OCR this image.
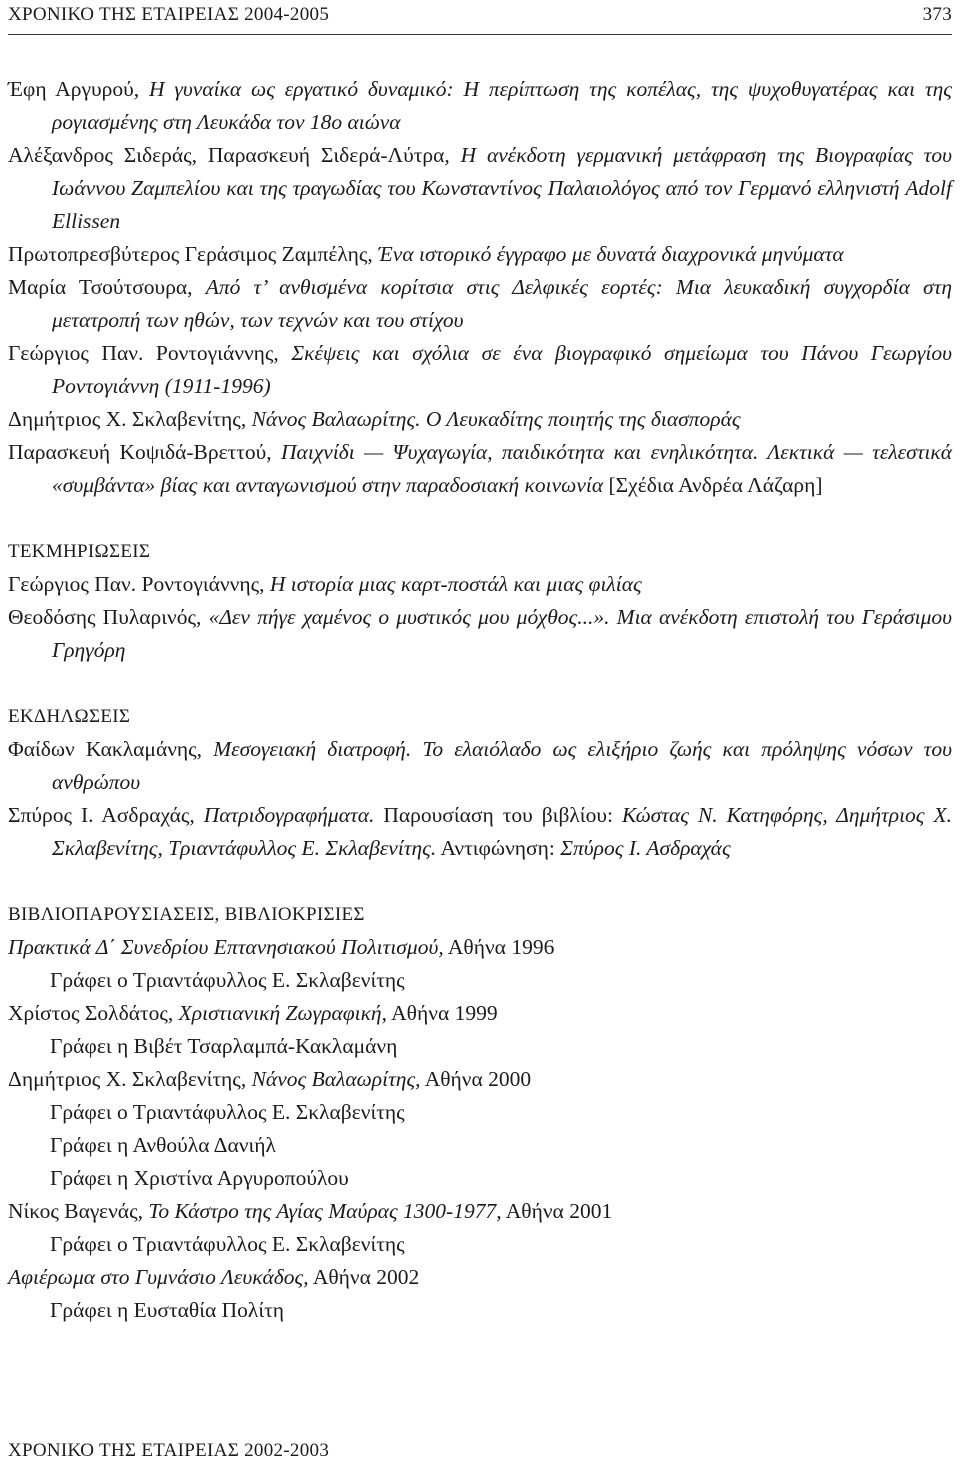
ΧΡΟΝΙΚΟ ΤΗΣ ΕΤΑΙΡΕΙΑΣ 2004-2005	373
Έφη Αργυρού, Η γυναίκα ως εργατικό δυναμικό: Η περίπτωση της κοπέλας, της ψυχοθυγατέρας και της ρογιασμένης στη Λευκάδα τον 18ο αιώνα
Αλέξανδρος Σιδεράς, Παρασκευή Σιδερά-Λύτρα, Η ανέκδοτη γερμανική μετάφραση της Βιογραφίας του Ιωάννου Ζαμπελίου και της τραγωδίας του Κωνσταντίνος Παλαιολόγος από τον Γερμανό ελληνιστή Adolf Ellissen
Πρωτοπρεσβύτερος Γεράσιμος Ζαμπέλης, Ένα ιστορικό έγγραφο με δυνατά διαχρονικά μηνύματα
Μαρία Τσούτσουρα, Από τ’ ανθισμένα κορίτσια στις Δελφικές εορτές: Μια λευκαδική συγχορδία στη μετατροπή των ηθών, των τεχνών και του στίχου
Γεώργιος Παν. Ροντογιάννης, Σκέψεις και σχόλια σε ένα βιογραφικό σημείωμα του Πάνου Γεωργίου Ροντογιάννη (1911-1996)
Δημήτριος Χ. Σκλαβενίτης, Νάνος Βαλαωρίτης. Ο Λευκαδίτης ποιητής της διασποράς
Παρασκευή Κοψιδά-Βρεττού, Παιχνίδι — Ψυχαγωγία, παιδικότητα και ενηλικότητα. Λεκτικά — τελεστικά «συμβάντα» βίας και ανταγωνισμού στην παραδοσιακή κοινωνία [Σχέδια Ανδρέα Λάζαρη]
ΤΕΚΜΗΡΙΩΣΕΙΣ
Γεώργιος Παν. Ροντογιάννης, Η ιστορία μιας καρτ-ποστάλ και μιας φιλίας
Θεοδόσης Πυλαρινός, «Δεν πήγε χαμένος ο μυστικός μου μόχθος...». Μια ανέκδοτη επιστολή του Γεράσιμου Γρηγόρη
ΕΚΔΗΛΩΣΕΙΣ
Φαίδων Κακλαμάνης, Μεσογειακή διατροφή. Το ελαιόλαδο ως ελιξήριο ζωής και πρόληψης νόσων του ανθρώπου
Σπύρος Ι. Ασδραχάς, Πατριδογραφήματα. Παρουσίαση του βιβλίου: Κώστας Ν. Κατηφόρης, Δημήτριος Χ. Σκλαβενίτης, Τριαντάφυλλος Ε. Σκλαβενίτης. Αντιφώνηση: Σπύρος Ι. Ασδραχάς
ΒΙΒΛΙΟΠΑΡΟΥΣΙΑΣΕΙΣ, ΒΙΒΛΙΟΚΡΙΣΙΕΣ
Πρακτικά Δ΄ Συνεδρίου Επτανησιακού Πολιτισμού, Αθήνα 1996
Γράφει ο Τριαντάφυλλος Ε. Σκλαβενίτης
Χρίστος Σολδάτος, Χριστιανική Ζωγραφική, Αθήνα 1999
Γράφει η Βιβέτ Τσαρλαμπά-Κακλαμάνη
Δημήτριος Χ. Σκλαβενίτης, Νάνος Βαλαωρίτης, Αθήνα 2000
Γράφει ο Τριαντάφυλλος Ε. Σκλαβενίτης
Γράφει η Ανθούλα Δανιήλ
Γράφει η Χριστίνα Αργυροπούλου
Νίκος Βαγενάς, Το Κάστρο της Αγίας Μαύρας 1300-1977, Αθήνα 2001
Γράφει ο Τριαντάφυλλος Ε. Σκλαβενίτης
Αφιέρωμα στο Γυμνάσιο Λευκάδος, Αθήνα 2002
Γράφει η Ευσταθία Πολίτη
ΧΡΟΝΙΚΟ ΤΗΣ ΕΤΑΙΡΕΙΑΣ 2002-2003
